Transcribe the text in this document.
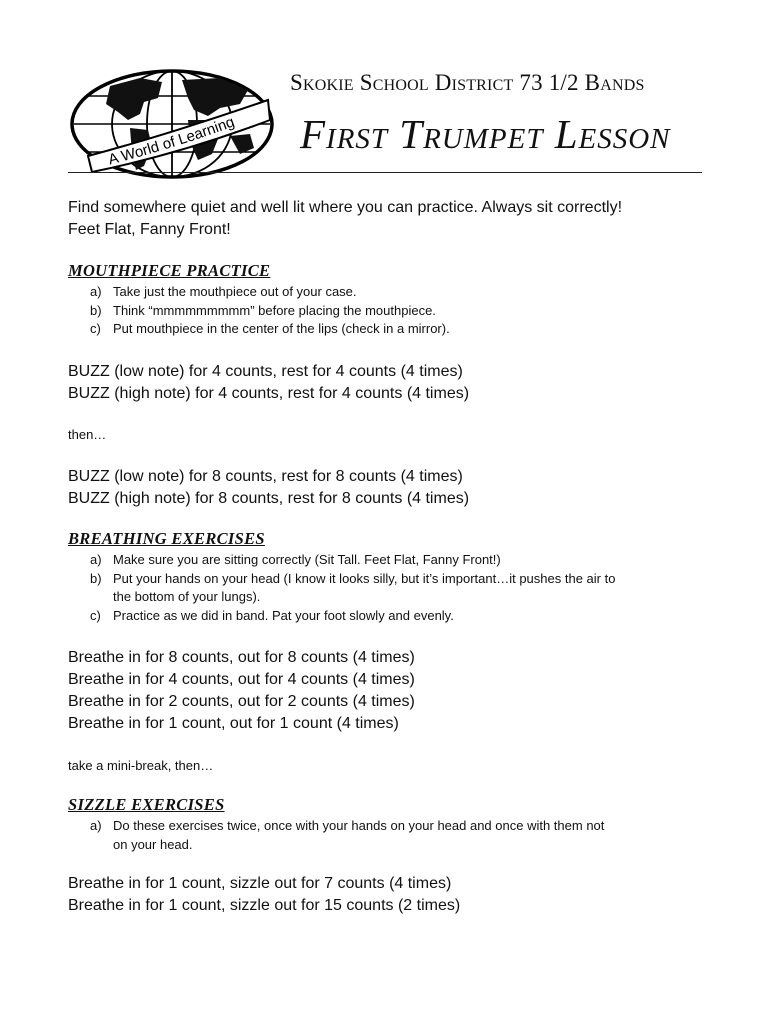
A World of Learning
Skokie School District 73 1/2 Bands
First Trumpet Lesson
Find somewhere quiet and well lit where you can practice. Always sit correctly!
Feet Flat, Fanny Front!
MOUTHPIECE PRACTICE
a) Take just the mouthpiece out of your case.
b) Think “mmmmmmmmm” before placing the mouthpiece.
c) Put mouthpiece in the center of the lips (check in a mirror).
BUZZ (low note) for 4 counts, rest for 4 counts (4 times)
BUZZ (high note) for 4 counts, rest for 4 counts (4 times)
then…
BUZZ (low note) for 8 counts, rest for 8 counts (4 times)
BUZZ (high note) for 8 counts, rest for 8 counts (4 times)
BREATHING EXERCISES
a) Make sure you are sitting correctly (Sit Tall. Feet Flat, Fanny Front!)
b) Put your hands on your head (I know it looks silly, but it’s important…it pushes the air to
the bottom of your lungs).
c) Practice as we did in band. Pat your foot slowly and evenly.
Breathe in for 8 counts, out for 8 counts (4 times)
Breathe in for 4 counts, out for 4 counts (4 times)
Breathe in for 2 counts, out for 2 counts (4 times)
Breathe in for 1 count, out for 1 count (4 times)
take a mini-break, then…
SIZZLE EXERCISES
a) Do these exercises twice, once with your hands on your head and once with them not
on your head.
Breathe in for 1 count, sizzle out for 7 counts (4 times)
Breathe in for 1 count, sizzle out for 15 counts (2 times)
